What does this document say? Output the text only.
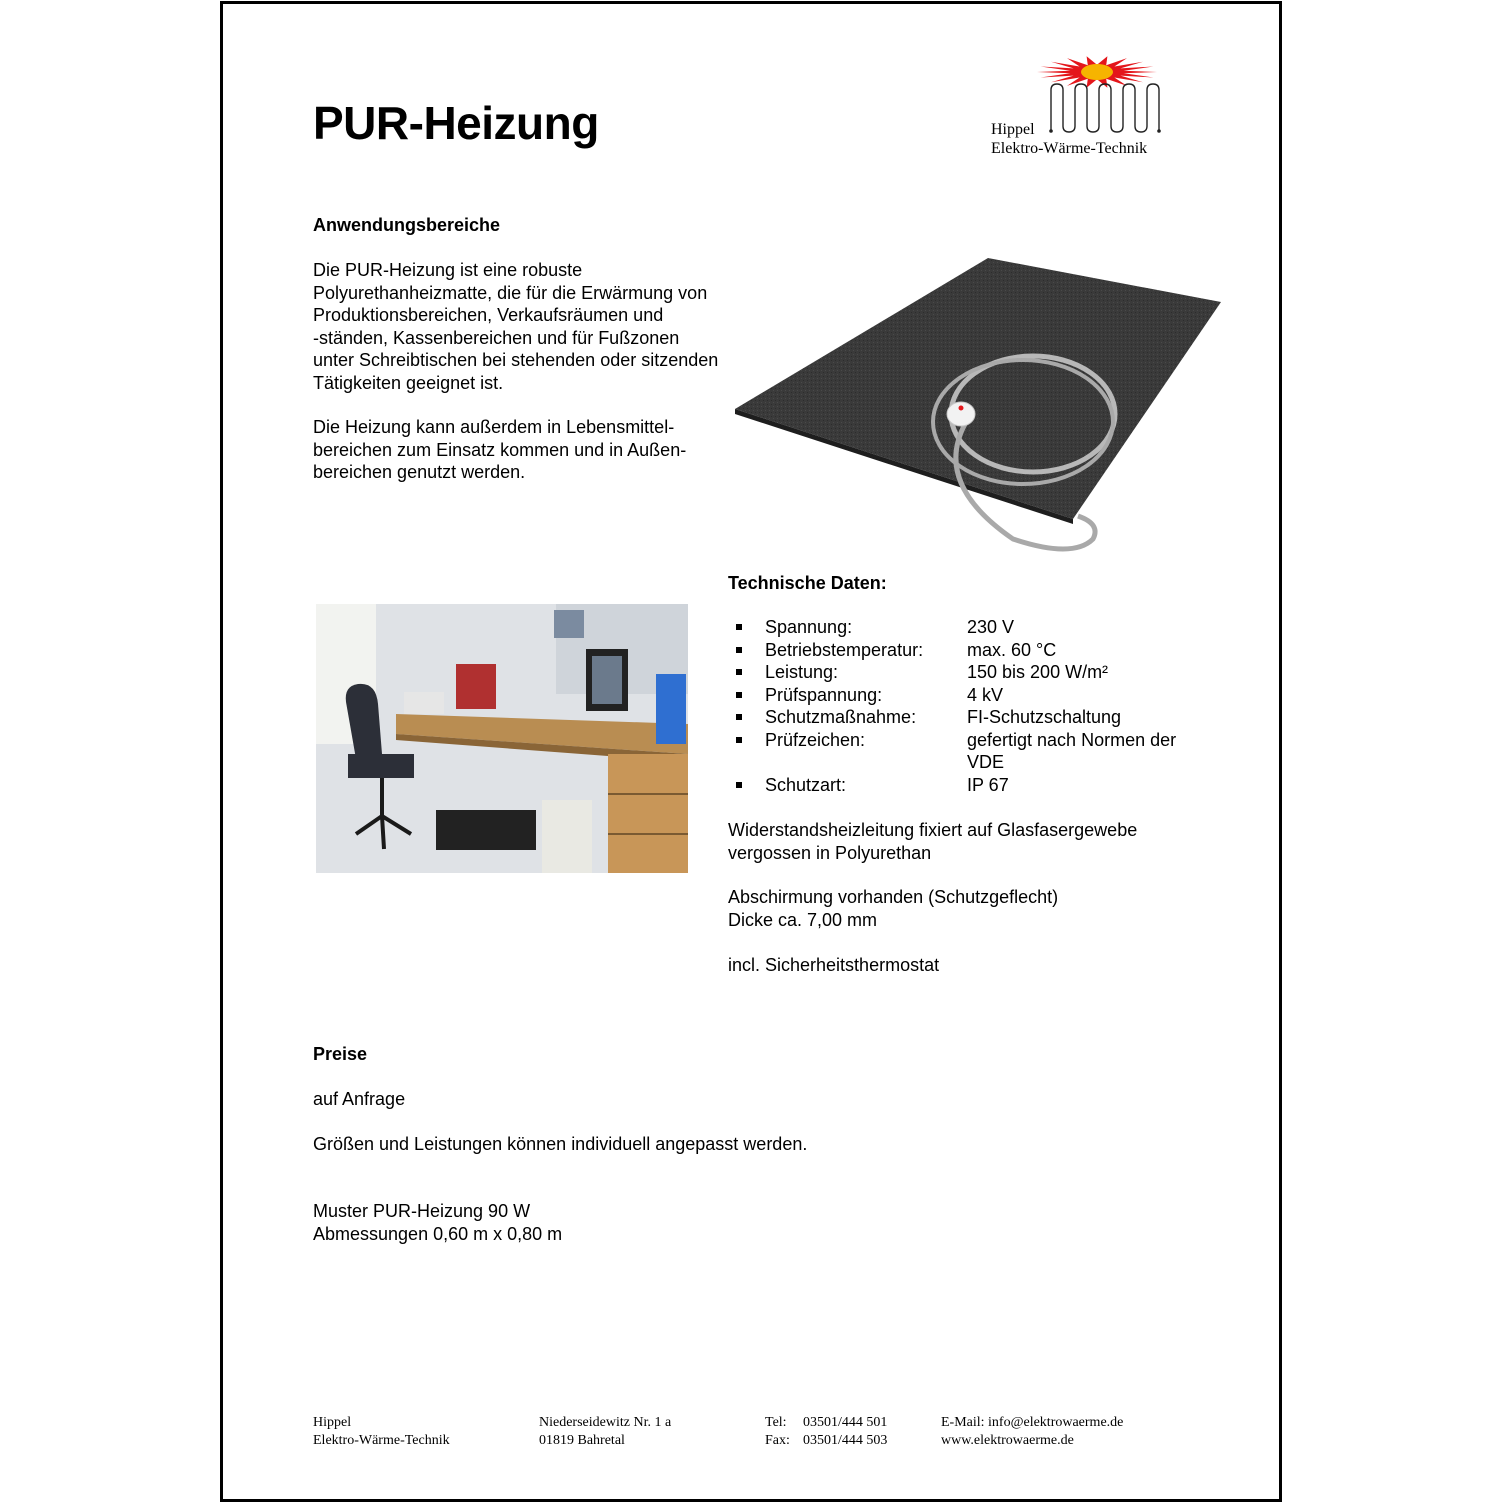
PUR-Heizung	Hippel
Elektro-Wärme-Technik
Anwendungsbereiche
Die PUR-Heizung ist eine robuste
Polyurethanheizmatte, die für die Erwärmung von
Produktionsbereichen, Verkaufsräumen und
-ständen, Kassenbereichen und für Fußzonen
unter Schreibtischen bei stehenden oder sitzenden
Tätigkeiten geeignet ist.
Die Heizung kann außerdem in Lebensmittel-
bereichen zum Einsatz kommen und in Außen-
bereichen genutzt werden.
Technische Daten:
Spannung:	230 V
Betriebstemperatur:	max. 60 °C
Leistung:	150 bis 200 W/m²
Prüfspannung:	4 kV
Schutzmaßnahme:	FI-Schutzschaltung
Prüfzeichen:	gefertigt nach Normen der VDE
Schutzart:	IP 67
Widerstandsheizleitung fixiert auf Glasfasergewebe
vergossen in Polyurethan
Abschirmung vorhanden (Schutzgeflecht)
Dicke ca. 7,00 mm
incl. Sicherheitsthermostat
Preise
auf Anfrage
Größen und Leistungen können individuell angepasst werden.
Muster PUR-Heizung 90 W
Abmessungen 0,60 m x 0,80 m
Hippel
Elektro-Wärme-Technik
Niederseidewitz Nr. 1 a
01819 Bahretal
Tel: 03501/444 501
Fax: 03501/444 503
E-Mail: info@elektrowaerme.de
www.elektrowaerme.de
